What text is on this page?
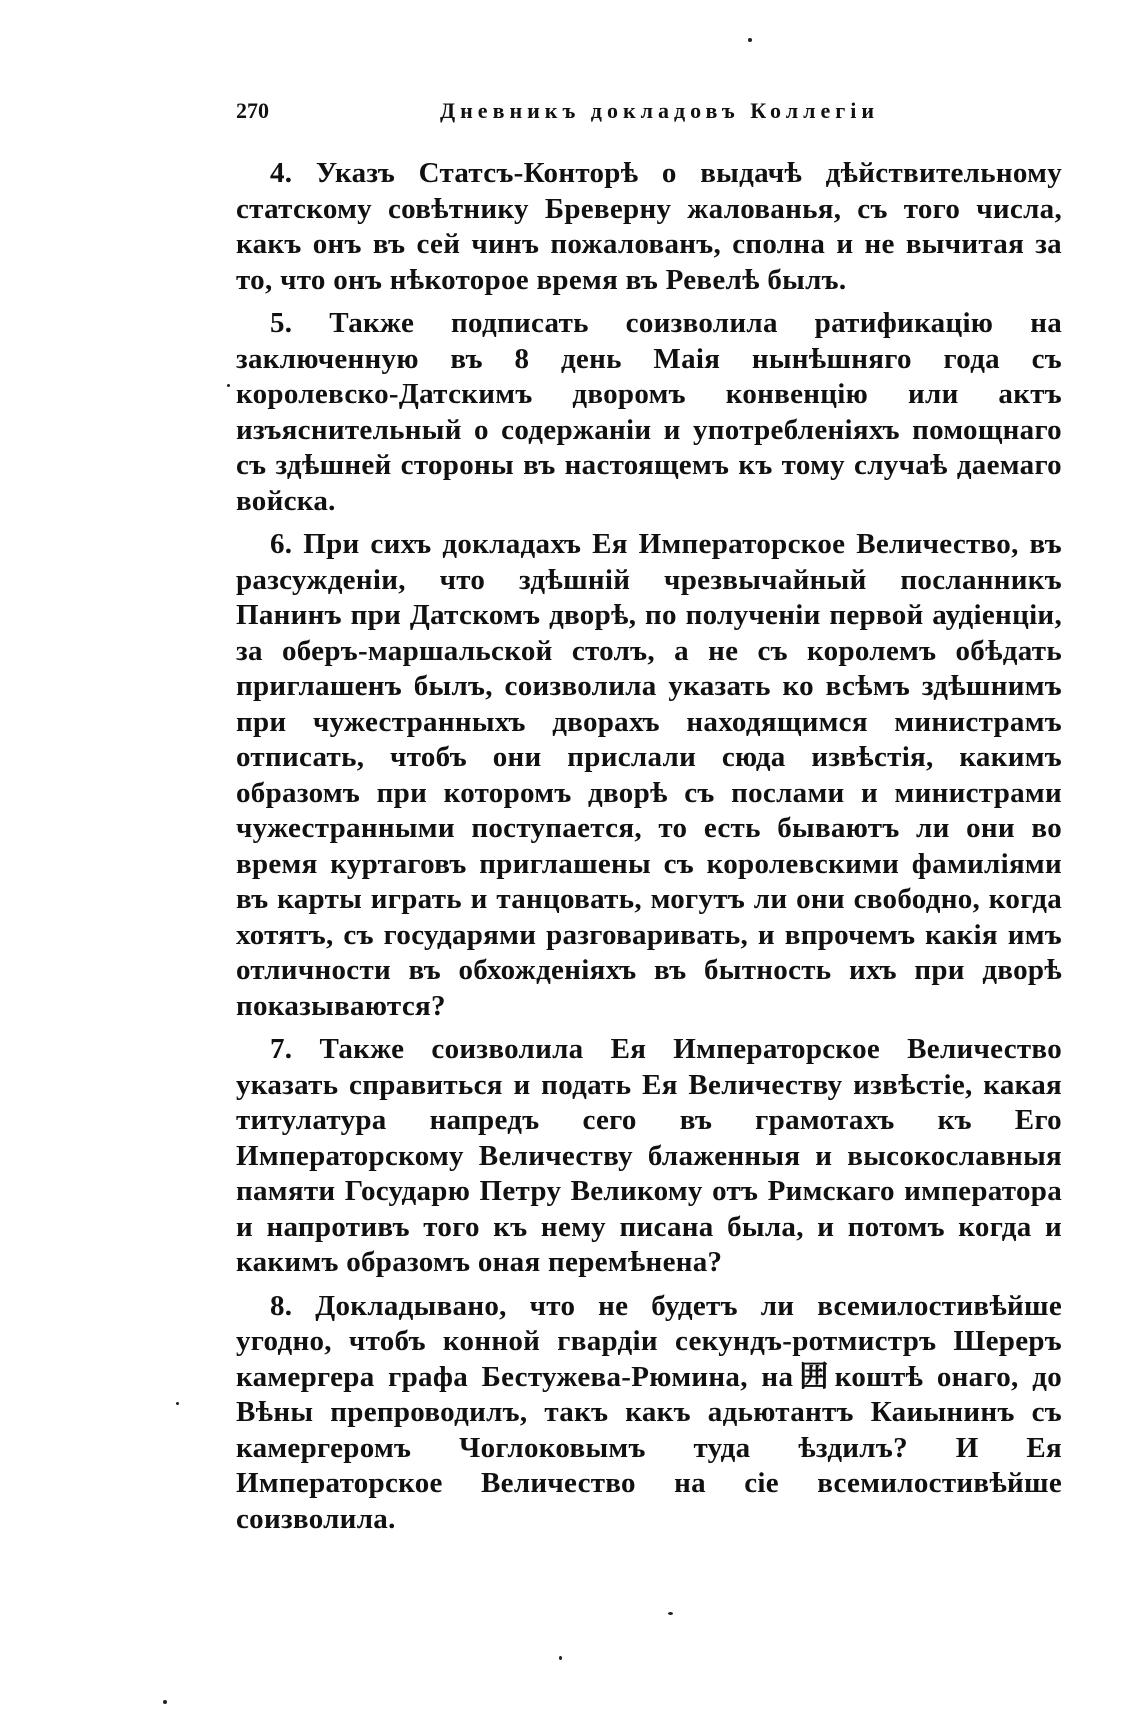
270	Дневникъ докладовъ Коллегіи

4. Указъ Статсъ-Конторѣ о выдачѣ дѣйствительному статскому совѣтнику Бреверну жалованья, съ того числа, какъ онъ въ сей чинъ пожалованъ, сполна и не вычитая за то, что онъ нѣкоторое время въ Ревелѣ былъ.

5. Также подписать соизволила ратификацію на заключенную въ 8 день Маія нынѣшняго года съ королевско-Датскимъ дворомъ конвенцію или актъ изъяснительный о содержаніи и употребленіяхъ помощнаго съ здѣшней стороны въ настоящемъ къ тому случаѣ даемаго войска.

6. При сихъ докладахъ Ея Императорское Величество, въ разсужденіи, что здѣшній чрезвычайный посланникъ Панинъ при Датскомъ дворѣ, по полученіи первой аудіенціи, за оберъ-маршальской столъ, а не съ королемъ обѣдать приглашенъ былъ, соизволила указать ко всѣмъ здѣшнимъ при чужестранныхъ дворахъ находящимся министрамъ отписать, чтобъ они прислали сюда извѣстія, какимъ образомъ при которомъ дворѣ съ послами и министрами чужестранными поступается, то есть бываютъ ли они во время куртаговъ приглашены съ королевскими фамиліями въ карты играть и танцовать, могутъ ли они свободно, когда хотятъ, съ государями разговаривать, и впрочемъ какія имъ отличности въ обхожденіяхъ въ бытность ихъ при дворѣ показываются?

7. Также соизволила Ея Императорское Величество указать справиться и подать Ея Величеству извѣстіе, какая титулатура напредъ сего въ грамотахъ къ Его Императорскому Величеству блаженныя и высокославныя памяти Государю Петру Великому отъ Римскаго императора и напротивъ того къ нему писана была, и потомъ когда и какимъ образомъ оная перемѣнена?

8. Докладывано, что не будетъ ли всемилостивѣйше угодно, чтобъ конной гвардіи секундъ-ротмистръ Шереръ камергера графа Бестужева-Рюмина, на囲коштѣ онаго, до Вѣны препроводилъ, такъ какъ адьютантъ Каиынинъ съ камергеромъ Чоглоковымъ туда ѣздилъ? И Ея Императорское Величество на сіе всемилостивѣйше соизволила.
